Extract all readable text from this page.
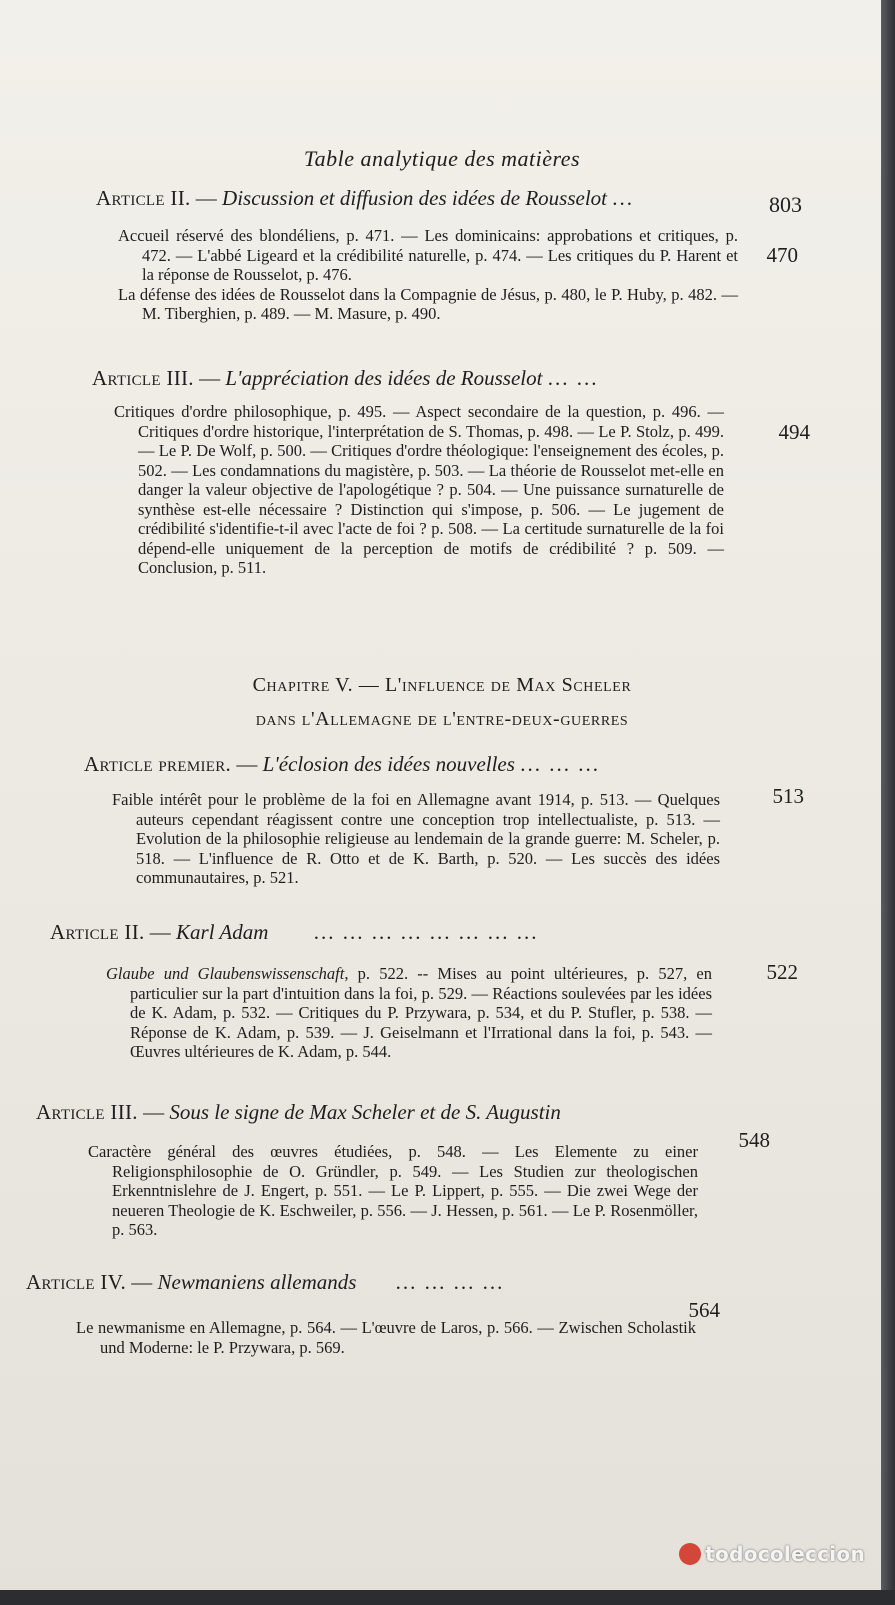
Table analytique des matières
803
Article II. — Discussion et diffusion des idées de Rousselot ...
470

Accueil réservé des blondéliens, p. 471. — Les dominicains: approbations et critiques, p. 472. — L'abbé Ligeard et la crédibilité naturelle, p. 474. — Les critiques du P. Harent et la réponse de Rousselot, p. 476.

La défense des idées de Rousselot dans la Compagnie de Jésus, p. 480, le P. Huby, p. 482. — M. Tiberghien, p. 489. — M. Masure, p. 490.

Article III. — L'appréciation des idées de Rousselot ... ...
494

Critiques d'ordre philosophique, p. 495. — Aspect secondaire de la question, p. 496. — Critiques d'ordre historique, l'interprétation de S. Thomas, p. 498. — Le P. Stolz, p. 499. — Le P. De Wolf, p. 500. — Critiques d'ordre théologique: l'enseignement des écoles, p. 502. — Les condamnations du magistère, p. 503. — La théorie de Rousselot met-elle en danger la valeur objective de l'apologétique ? p. 504. — Une puissance surnaturelle de synthèse est-elle nécessaire ? Distinction qui s'impose, p. 506. — Le jugement de crédibilité s'identifie-t-il avec l'acte de foi ? p. 508. — La certitude surnaturelle de la foi dépend-elle uniquement de la perception de motifs de crédibilité ? p. 509. — Conclusion, p. 511.

Chapitre V. — L'influence de Max Scheler
dans l'Allemagne de l'entre-deux-guerres
Article premier. — L'éclosion des idées nouvelles ... ... ...
513

Faible intérêt pour le problème de la foi en Allemagne avant 1914, p. 513. — Quelques auteurs cependant réagissent contre une conception trop intellectualiste, p. 513. — Evolution de la philosophie religieuse au lendemain de la grande guerre: M. Scheler, p. 518. — L'influence de R. Otto et de K. Barth, p. 520. — Les succès des idées communautaires, p. 521.

Article II. — Karl Adam ... ... ... ... ... ... ... ...
522

Glaube und Glaubenswissenschaft, p. 522. -- Mises au point ultérieures, p. 527, en particulier sur la part d'intuition dans la foi, p. 529. — Réactions soulevées par les idées de K. Adam, p. 532. — Critiques du P. Przywara, p. 534, et du P. Stufler, p. 538. — Réponse de K. Adam, p. 539. — J. Geiselmann et l'Irrational dans la foi, p. 543. — Œuvres ultérieures de K. Adam, p. 544.

Article III. — Sous le signe de Max Scheler et de S. Augustin
548

Caractère général des œuvres étudiées, p. 548. — Les Elemente zu einer Religionsphilosophie de O. Gründler, p. 549. — Les Studien zur theologischen Erkenntnislehre de J. Engert, p. 551. — Le P. Lippert, p. 555. — Die zwei Wege der neueren Theologie de K. Eschweiler, p. 556. — J. Hessen, p. 561. — Le P. Rosenmöller, p. 563.

Article IV. — Newmaniens allemands ... ... ... ...
564

Le newmanisme en Allemagne, p. 564. — L'œuvre de Laros, p. 566. — Zwischen Scholastik und Moderne: le P. Przywara, p. 569.

todocoleccion
